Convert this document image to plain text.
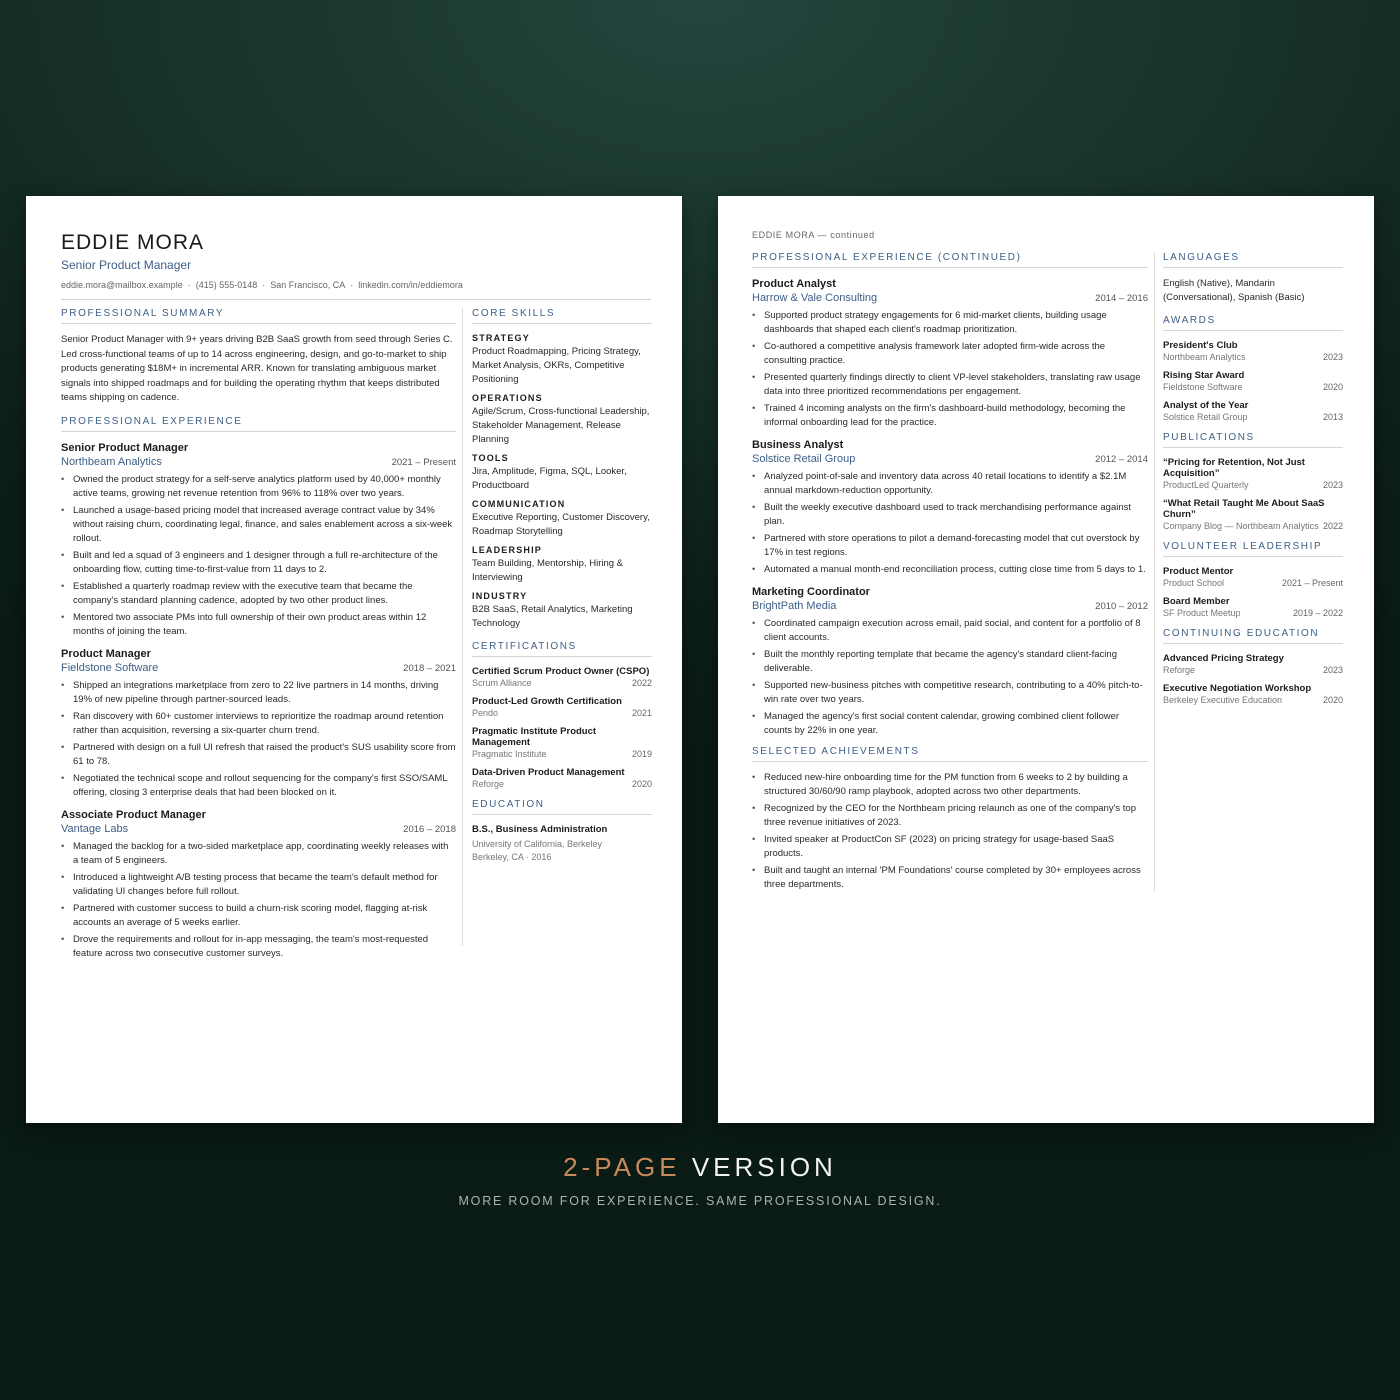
EDDIE MORA
Senior Product Manager
eddie.mora@mailbox.example · (415) 555-0148 · San Francisco, CA · linkedin.com/in/eddiemora
PROFESSIONAL SUMMARY
Senior Product Manager with 9+ years driving B2B SaaS growth from seed through Series C. Led cross-functional teams of up to 14 across engineering, design, and go-to-market to ship products generating $18M+ in incremental ARR. Known for translating ambiguous market signals into shipped roadmaps and for building the operating rhythm that keeps distributed teams shipping on cadence.
PROFESSIONAL EXPERIENCE
Senior Product Manager
Northbeam Analytics	2021 – Present
• Owned the product strategy for a self-serve analytics platform used by 40,000+ monthly active teams, growing net revenue retention from 96% to 118% over two years.
• Launched a usage-based pricing model that increased average contract value by 34% without raising churn, coordinating legal, finance, and sales enablement across a six-week rollout.
• Built and led a squad of 3 engineers and 1 designer through a full re-architecture of the onboarding flow, cutting time-to-first-value from 11 days to 2.
• Established a quarterly roadmap review with the executive team that became the company's standard planning cadence, adopted by two other product lines.
• Mentored two associate PMs into full ownership of their own product areas within 12 months of joining the team.
Product Manager
Fieldstone Software	2018 – 2021
• Shipped an integrations marketplace from zero to 22 live partners in 14 months, driving 19% of new pipeline through partner-sourced leads.
• Ran discovery with 60+ customer interviews to reprioritize the roadmap around retention rather than acquisition, reversing a six-quarter churn trend.
• Partnered with design on a full UI refresh that raised the product's SUS usability score from 61 to 78.
• Negotiated the technical scope and rollout sequencing for the company's first SSO/SAML offering, closing 3 enterprise deals that had been blocked on it.
Associate Product Manager
Vantage Labs	2016 – 2018
• Managed the backlog for a two-sided marketplace app, coordinating weekly releases with a team of 5 engineers.
• Introduced a lightweight A/B testing process that became the team's default method for validating UI changes before full rollout.
• Partnered with customer success to build a churn-risk scoring model, flagging at-risk accounts an average of 5 weeks earlier.
• Drove the requirements and rollout for in-app messaging, the team's most-requested feature across two consecutive customer surveys.
CORE SKILLS
STRATEGY
Product Roadmapping, Pricing Strategy, Market Analysis, OKRs, Competitive Positioning
OPERATIONS
Agile/Scrum, Cross-functional Leadership, Stakeholder Management, Release Planning
TOOLS
Jira, Amplitude, Figma, SQL, Looker, Productboard
COMMUNICATION
Executive Reporting, Customer Discovery, Roadmap Storytelling
LEADERSHIP
Team Building, Mentorship, Hiring & Interviewing
INDUSTRY
B2B SaaS, Retail Analytics, Marketing Technology
CERTIFICATIONS
Certified Scrum Product Owner (CSPO)
Scrum Alliance	2022
Product-Led Growth Certification
Pendo	2021
Pragmatic Institute Product Management
Pragmatic Institute	2019
Data-Driven Product Management
Reforge	2020
EDUCATION
B.S., Business Administration
University of California, Berkeley
Berkeley, CA · 2016
EDDIE MORA — continued
PROFESSIONAL EXPERIENCE (CONTINUED)
Product Analyst
Harrow & Vale Consulting	2014 – 2016
• Supported product strategy engagements for 6 mid-market clients, building usage dashboards that shaped each client's roadmap prioritization.
• Co-authored a competitive analysis framework later adopted firm-wide across the consulting practice.
• Presented quarterly findings directly to client VP-level stakeholders, translating raw usage data into three prioritized recommendations per engagement.
• Trained 4 incoming analysts on the firm's dashboard-build methodology, becoming the informal onboarding lead for the practice.
Business Analyst
Solstice Retail Group	2012 – 2014
• Analyzed point-of-sale and inventory data across 40 retail locations to identify a $2.1M annual markdown-reduction opportunity.
• Built the weekly executive dashboard used to track merchandising performance against plan.
• Partnered with store operations to pilot a demand-forecasting model that cut overstock by 17% in test regions.
• Automated a manual month-end reconciliation process, cutting close time from 5 days to 1.
Marketing Coordinator
BrightPath Media	2010 – 2012
• Coordinated campaign execution across email, paid social, and content for a portfolio of 8 client accounts.
• Built the monthly reporting template that became the agency's standard client-facing deliverable.
• Supported new-business pitches with competitive research, contributing to a 40% pitch-to-win rate over two years.
• Managed the agency's first social content calendar, growing combined client follower counts by 22% in one year.
SELECTED ACHIEVEMENTS
• Reduced new-hire onboarding time for the PM function from 6 weeks to 2 by building a structured 30/60/90 ramp playbook, adopted across two other departments.
• Recognized by the CEO for the Northbeam pricing relaunch as one of the company's top three revenue initiatives of 2023.
• Invited speaker at ProductCon SF (2023) on pricing strategy for usage-based SaaS products.
• Built and taught an internal 'PM Foundations' course completed by 30+ employees across three departments.
LANGUAGES
English (Native), Mandarin (Conversational), Spanish (Basic)
AWARDS
President's Club
Northbeam Analytics	2023
Rising Star Award
Fieldstone Software	2020
Analyst of the Year
Solstice Retail Group	2013
PUBLICATIONS
“Pricing for Retention, Not Just Acquisition”
ProductLed Quarterly	2023
“What Retail Taught Me About SaaS Churn”
Company Blog — Northbeam Analytics 2022
VOLUNTEER LEADERSHIP
Product Mentor
Product School	2021 – Present
Board Member
SF Product Meetup	2019 – 2022
CONTINUING EDUCATION
Advanced Pricing Strategy
Reforge	2023
Executive Negotiation Workshop
Berkeley Executive Education	2020
2-PAGE VERSION
MORE ROOM FOR EXPERIENCE. SAME PROFESSIONAL DESIGN.
